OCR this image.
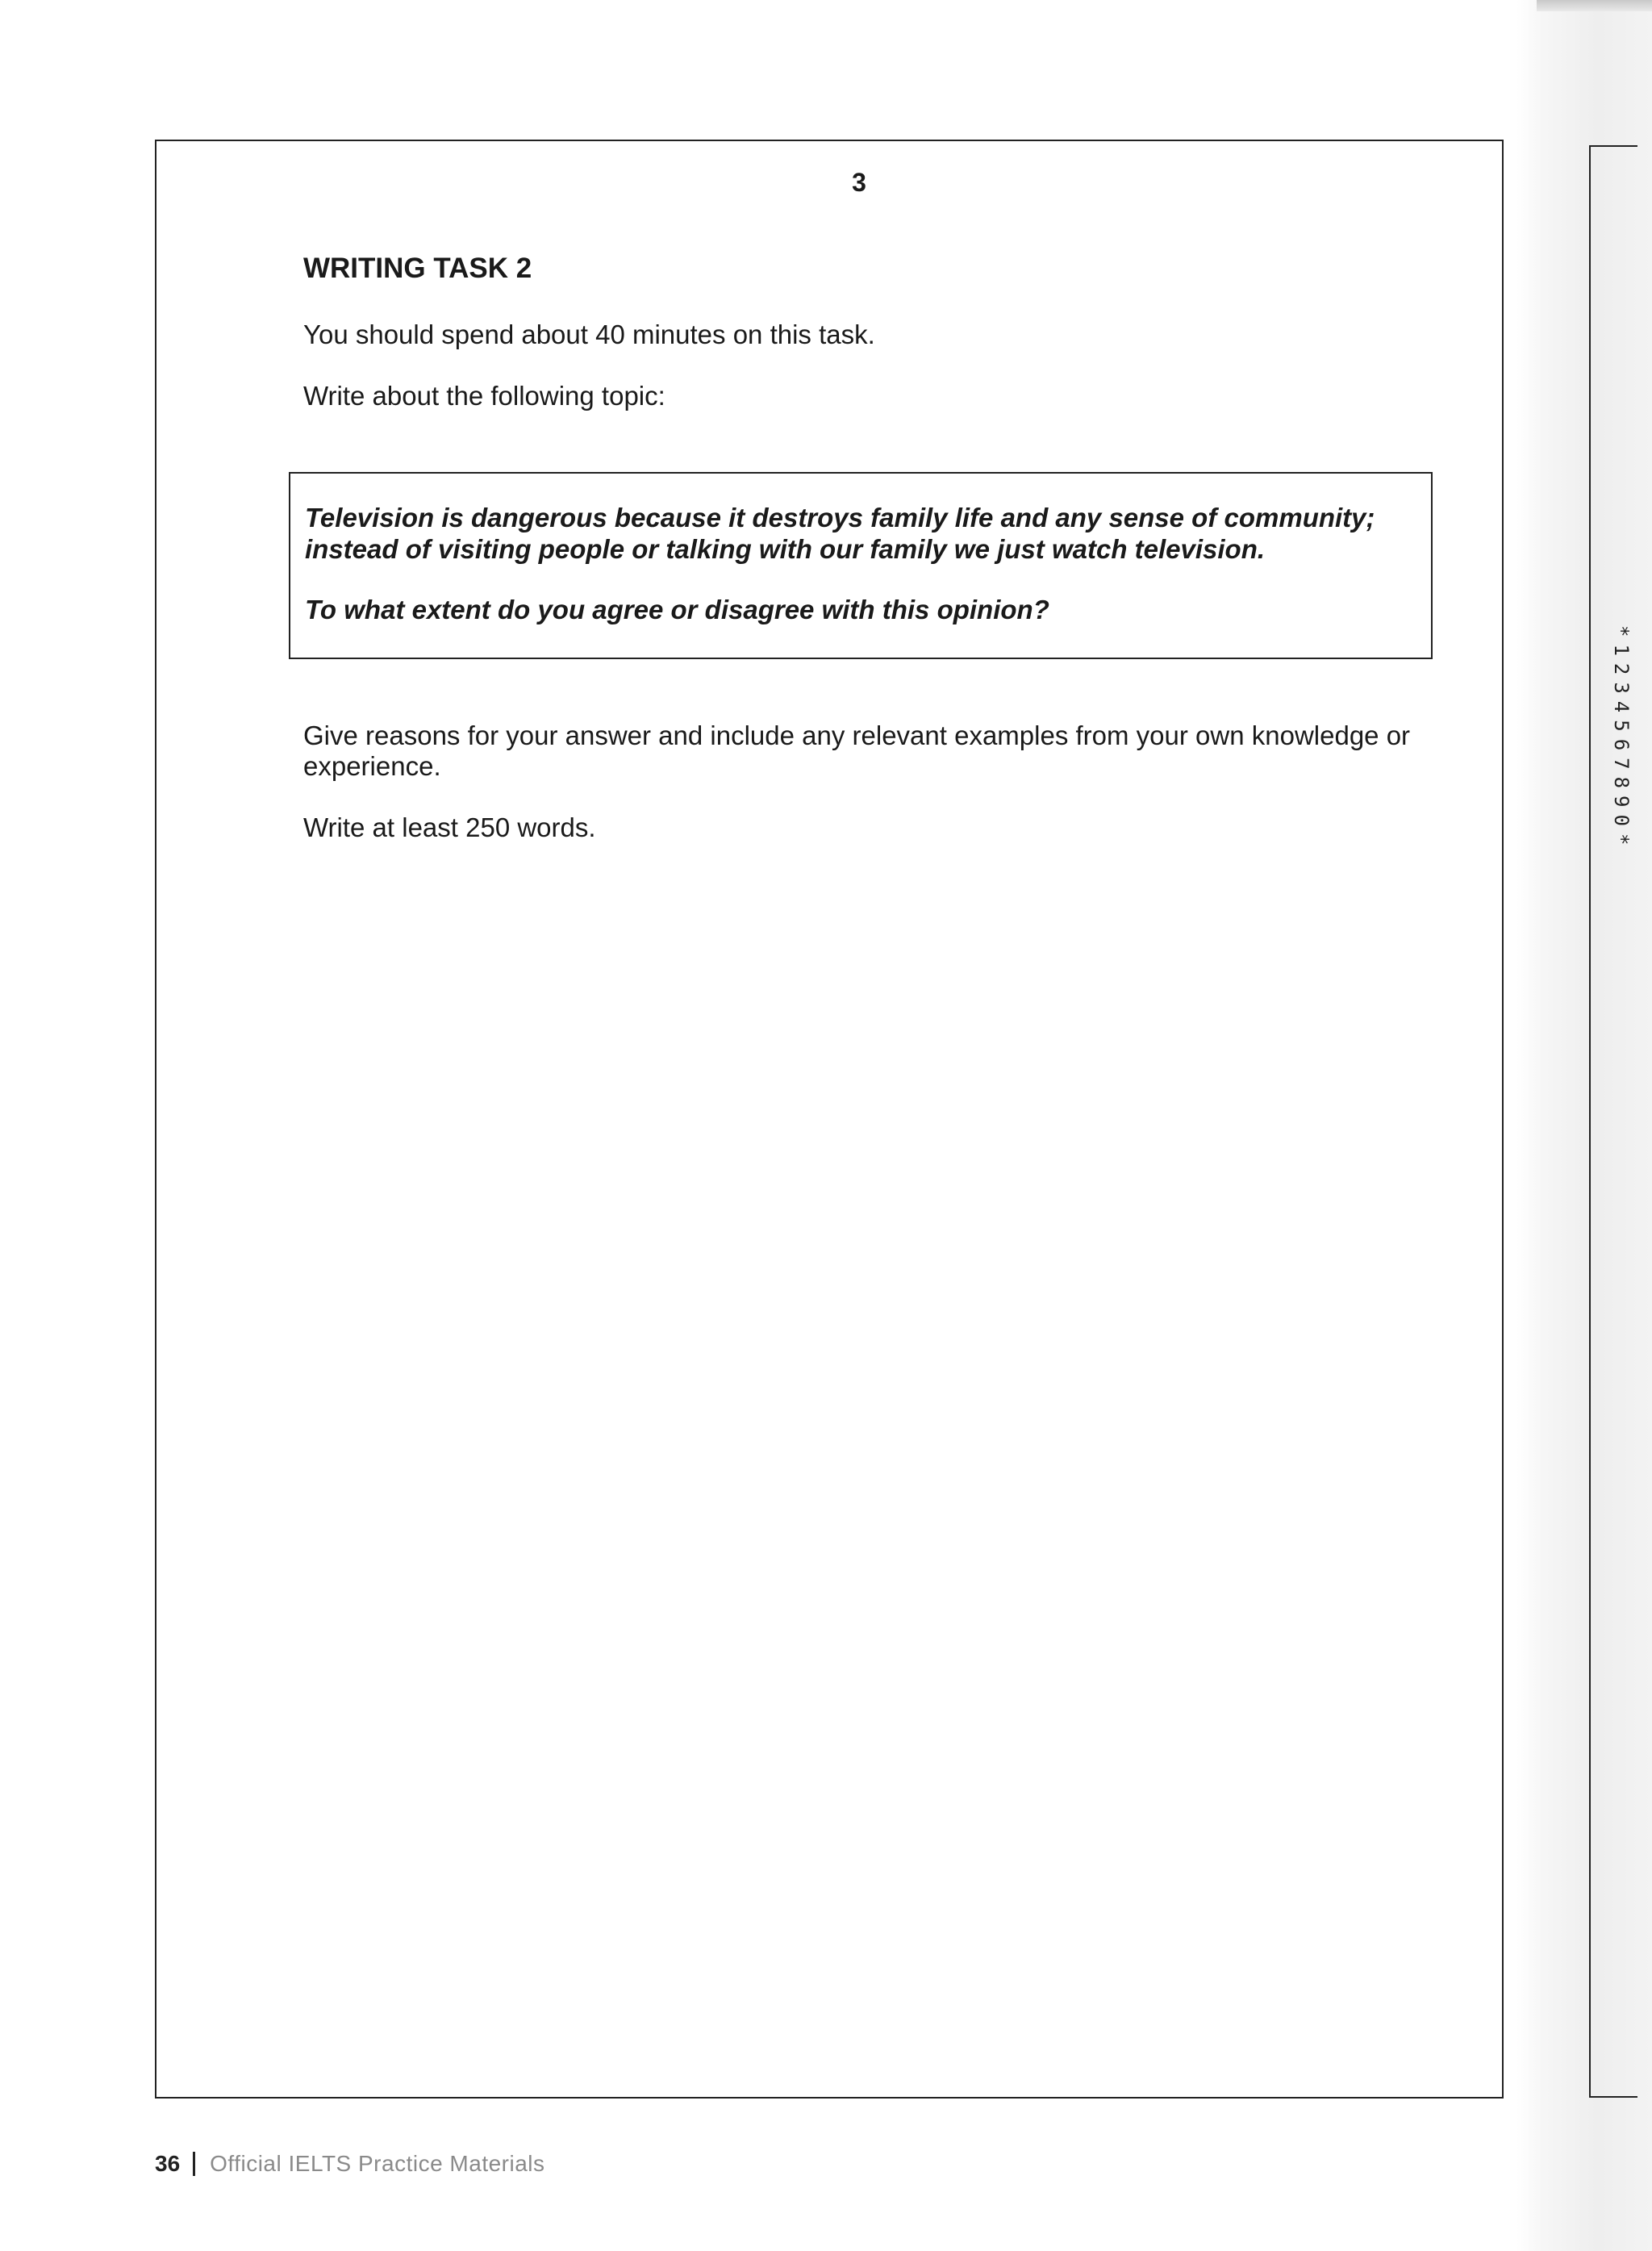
*1234567890*
3
WRITING TASK 2

You should spend about 40 minutes on this task.

Write about the following topic:

Television is dangerous because it destroys family life and any sense of community; instead of visiting people or talking with our family we just watch television.

To what extent do you agree or disagree with this opinion?

Give reasons for your answer and include any relevant examples from your own knowledge or experience.

Write at least 250 words.

36 Official IELTS Practice Materials
